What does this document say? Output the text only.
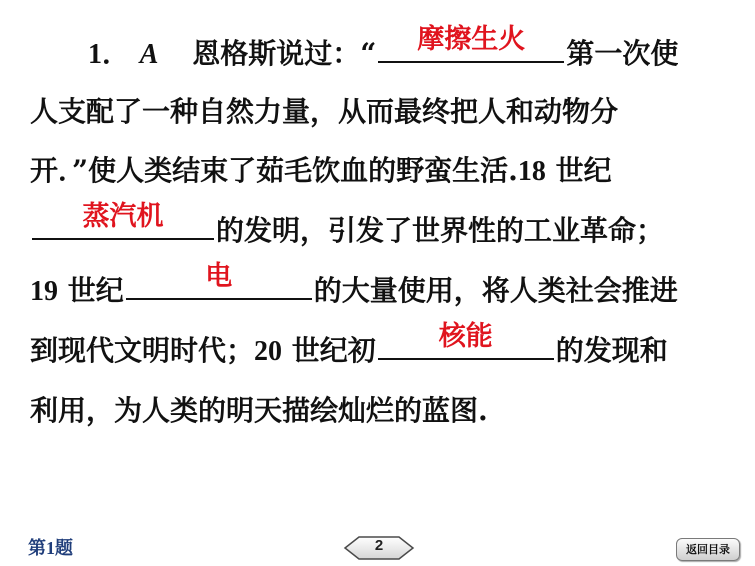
1． A 恩格斯说过：“	摩擦生火	第一次使
人支配了一种自然力量，从而最终把人和动物分
开．”使人类结束了茹毛饮血的野蛮生活.18 世纪
蒸汽机	的发明，引发了世界性的工业革命；
19 世纪	电	的大量使用，将人类社会推进
到现代文明时代；20 世纪初	核能	的发现和
利用，为人类的明天描绘灿烂的蓝图.
第1题	2	返回目录
